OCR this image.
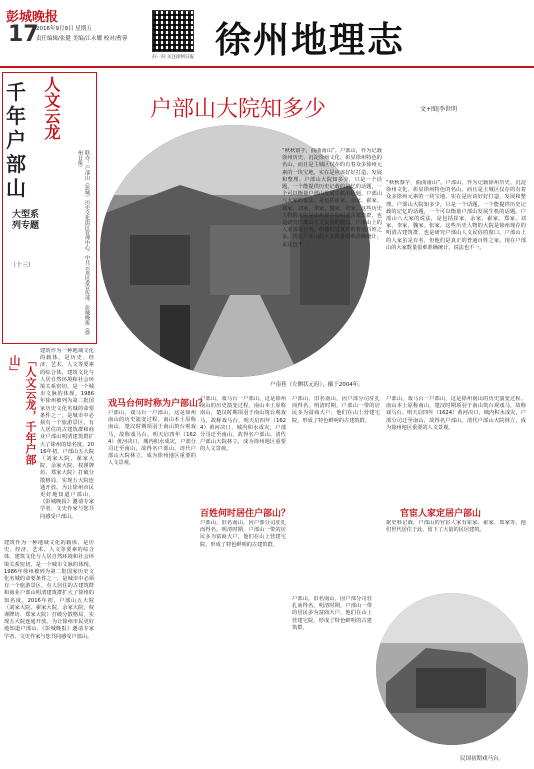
彭城晚报
17
2016年9月9日 星期五
责任编辑/张健 美编/江永耀 校对/曹蓉
扫一扫 关注徐州日报 徐州地理志
千年户部山
人文云龙
大型系列专题
（十三）	联办：户部山（彭城）历史文化街区管理中心、中共云龙区委宣传部、彭城晚报（徐州日报）
「人文云龙，千年户部山」
建筑作为一种地域文化的载体，是历史、经济、艺术、人文等要素的综合体，建筑文化与人居自然环境和社会环境关系密切，是一个城市文脉的体现。1986年徐州被列为第二批国家历史文化名城的命要条件之一，是城市中必须有一个旅游景区，有人居住的古建筑群和商业户部山明清建筑群扩大了徐州的知名度。2016年初，户部山五大院（刘家大院、翟家大院、余家大院、权谨牌坊、郑家大院）打破分散格局，实现五大院连通开放。为让徐州市民更好地知道户部山，《彭城晚报》邀请专家学者、文史作家与您共同感受户部山。
建筑作为一种地域文化的载体，是历史、经济、艺术、人文等要素的综合体，建筑文化与人居自然环境和社会环境关系密切，是一个城市文脉的体现。1986年徐州被列为第二批国家历史文化名城的命要条件之一，是城市中必须有一个旅游景区，有人居住的古建筑群和商业户部山明清建筑群扩大了徐州的知名度。2016年初，户部山五大院（刘家大院、翟家大院、余家大院、权谨牌坊、郑家大院）打破分散格局，实现五大院连通开放。为让徐州市民更好地知道户部山，《彭城晚报》邀请专家学者、文史作家与您共同感受户部山。
户部山大院知多少	文+图|李世明
户南巷（左侧状元府），摄于2004年。
“秋秋寮芋，曲曲南山”。户部山，作为记载徐州历史、沉淀徐州文化、彰显徐州特色的名山，而且是主城区仅存的有着众多徐州元素的一块宝地，实在是应该好好打造、发展和整理。户部山大院知多少，只是一个话题，一个能提供历史记载的记忆的话题，一个可以衡量户部山发展生机的话题。户部山八大家的说法，是包括崔家、余家、翟家、郑家、刘家、李家、魏家、张家。这些历史人物的大院是徐州现存的明清古建筑群，也是研究户部山人文民俗的窗口。户部山上的人家虽是有名，但他们是真正的普通百姓之家。现在户部山的大家数量很难准确统计，说法也不一。
“秋秋寮芋，曲曲南山”。户部山，作为记载徐州历史、沉淀徐州文化、彰显徐州特色的名山，而且是主城区仅存的有着众多徐州元素的一块宝地，实在是应该好好打造、发展和整理。户部山大院知多少，只是一个话题，一个能提供历史记载的记忆的话题，一个可以衡量户部山发展生机的话题。户部山八大家的说法，是包括崔家、余家、翟家、郑家、刘家、李家、魏家、张家。这些历史人物的大院是徐州现存的明清古建筑群，也是研究户部山人文民俗的窗口。户部山上的人家虽是有名，但他们是真正的普通百姓之家。现在户部山的大家数量很难准确统计，说法也不一。
戏马台何时称为户部山？
户部山，戏马台一户部山，这是徐州南山的历史演变过程。南山本土原称南山，楚汉时期项羽于南山筑台观戏马，故称戏马台。明天启四年（1624）黄河决口，城内积水成灾，户部分司迁至南山，故得名户部山。清代户部山大院林立，成为徐州地区重要的人文景观。
户部山，戏马台一户部山，这是徐州南山的历史演变过程。南山本土原称南山，楚汉时期项羽于南山筑台观戏马，故称戏马台。明天启四年（1624）黄河决口，城内积水成灾，户部分司迁至南山，故得名户部山。清代户部山大院林立，成为徐州地区重要的人文景观。
百姓何时居住户部山？
户部山，旧名南山，因户部分司驻扎而得名。明清时期，户部山一带的居民多为富商大户，他们在山上营建宅院，形成了特色鲜明的古建筑群。
户部山，旧名南山，因户部分司驻扎而得名。明清时期，户部山一带的居民多为富商大户，他们在山上营建宅院，形成了特色鲜明的古建筑群。
户部山，旧名南山，因户部分司驻扎而得名。明清时期，户部山一带的居民多为富商大户，他们在山上营建宅院，形成了特色鲜明的古建筑群。
户部山，戏马台一户部山，这是徐州南山的历史演变过程。南山本土原称南山，楚汉时期项羽于南山筑台观戏马，故称戏马台。明天启四年（1624）黄河决口，城内积水成灾，户部分司迁至南山，故得名户部山。清代户部山大院林立，成为徐州地区重要的人文景观。
官宦人家定居户部山
据史料记载，户部山的官宦人家有崔家、翟家、郑家等，他们世代居住于此，留下了大量的民居建筑。
民国初期戏马台。
